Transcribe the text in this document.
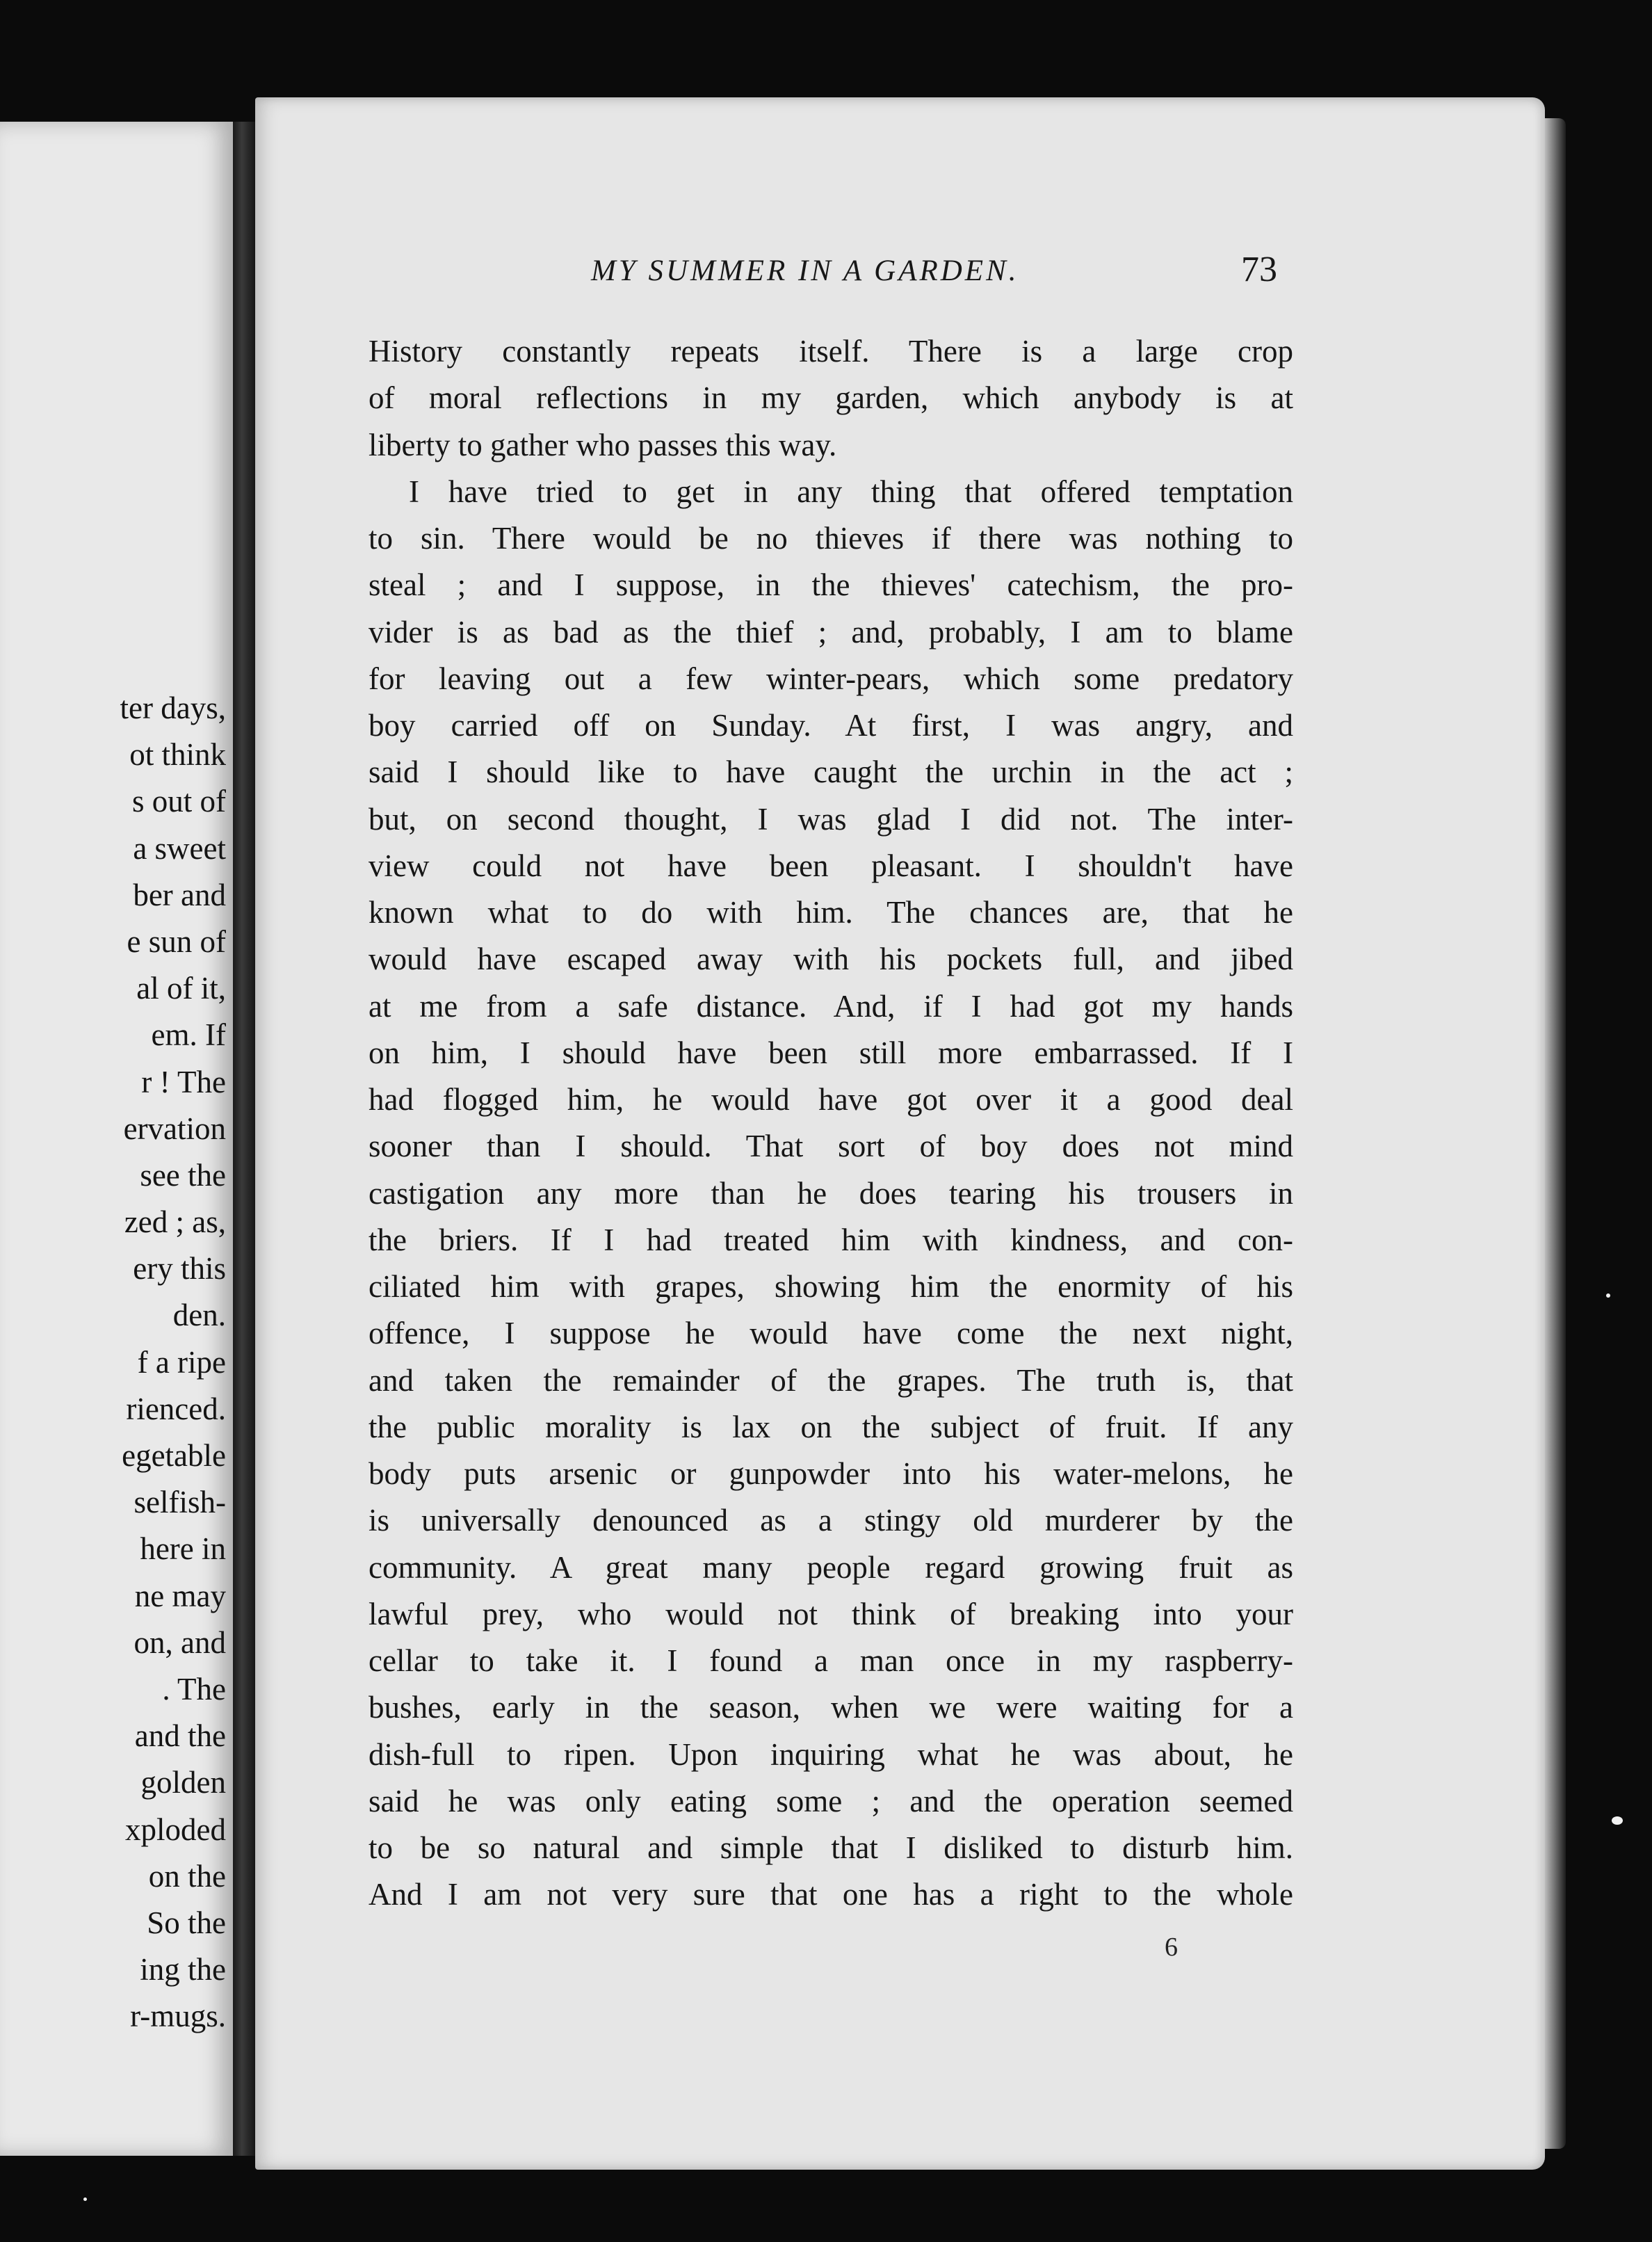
ter days,
ot think
s out of
a sweet
ber and
e sun of
al of it,
em. If
r ! The
ervation
see the
zed ; as,
ery this
den.
f a ripe
rienced.
egetable
selfish-
here in
ne may
on, and
. The
and the
golden
xploded
on the
So the
ing the
r-mugs.
MY SUMMER IN A GARDEN.	73
History constantly repeats itself. There is a large crop
of moral reflections in my garden, which anybody is at
liberty to gather who passes this way.
I have tried to get in any thing that offered temptation
to sin. There would be no thieves if there was nothing to
steal ; and I suppose, in the thieves' catechism, the pro-
vider is as bad as the thief ; and, probably, I am to blame
for leaving out a few winter-pears, which some predatory
boy carried off on Sunday. At first, I was angry, and
said I should like to have caught the urchin in the act ;
but, on second thought, I was glad I did not. The inter-
view could not have been pleasant. I shouldn't have
known what to do with him. The chances are, that he
would have escaped away with his pockets full, and jibed
at me from a safe distance. And, if I had got my hands
on him, I should have been still more embarrassed. If I
had flogged him, he would have got over it a good deal
sooner than I should. That sort of boy does not mind
castigation any more than he does tearing his trousers in
the briers. If I had treated him with kindness, and con-
ciliated him with grapes, showing him the enormity of his
offence, I suppose he would have come the next night,
and taken the remainder of the grapes. The truth is, that
the public morality is lax on the subject of fruit. If any
body puts arsenic or gunpowder into his water-melons, he
is universally denounced as a stingy old murderer by the
community. A great many people regard growing fruit as
lawful prey, who would not think of breaking into your
cellar to take it. I found a man once in my raspberry-
bushes, early in the season, when we were waiting for a
dish-full to ripen. Upon inquiring what he was about, he
said he was only eating some ; and the operation seemed
to be so natural and simple that I disliked to disturb him.
And I am not very sure that one has a right to the whole
6
